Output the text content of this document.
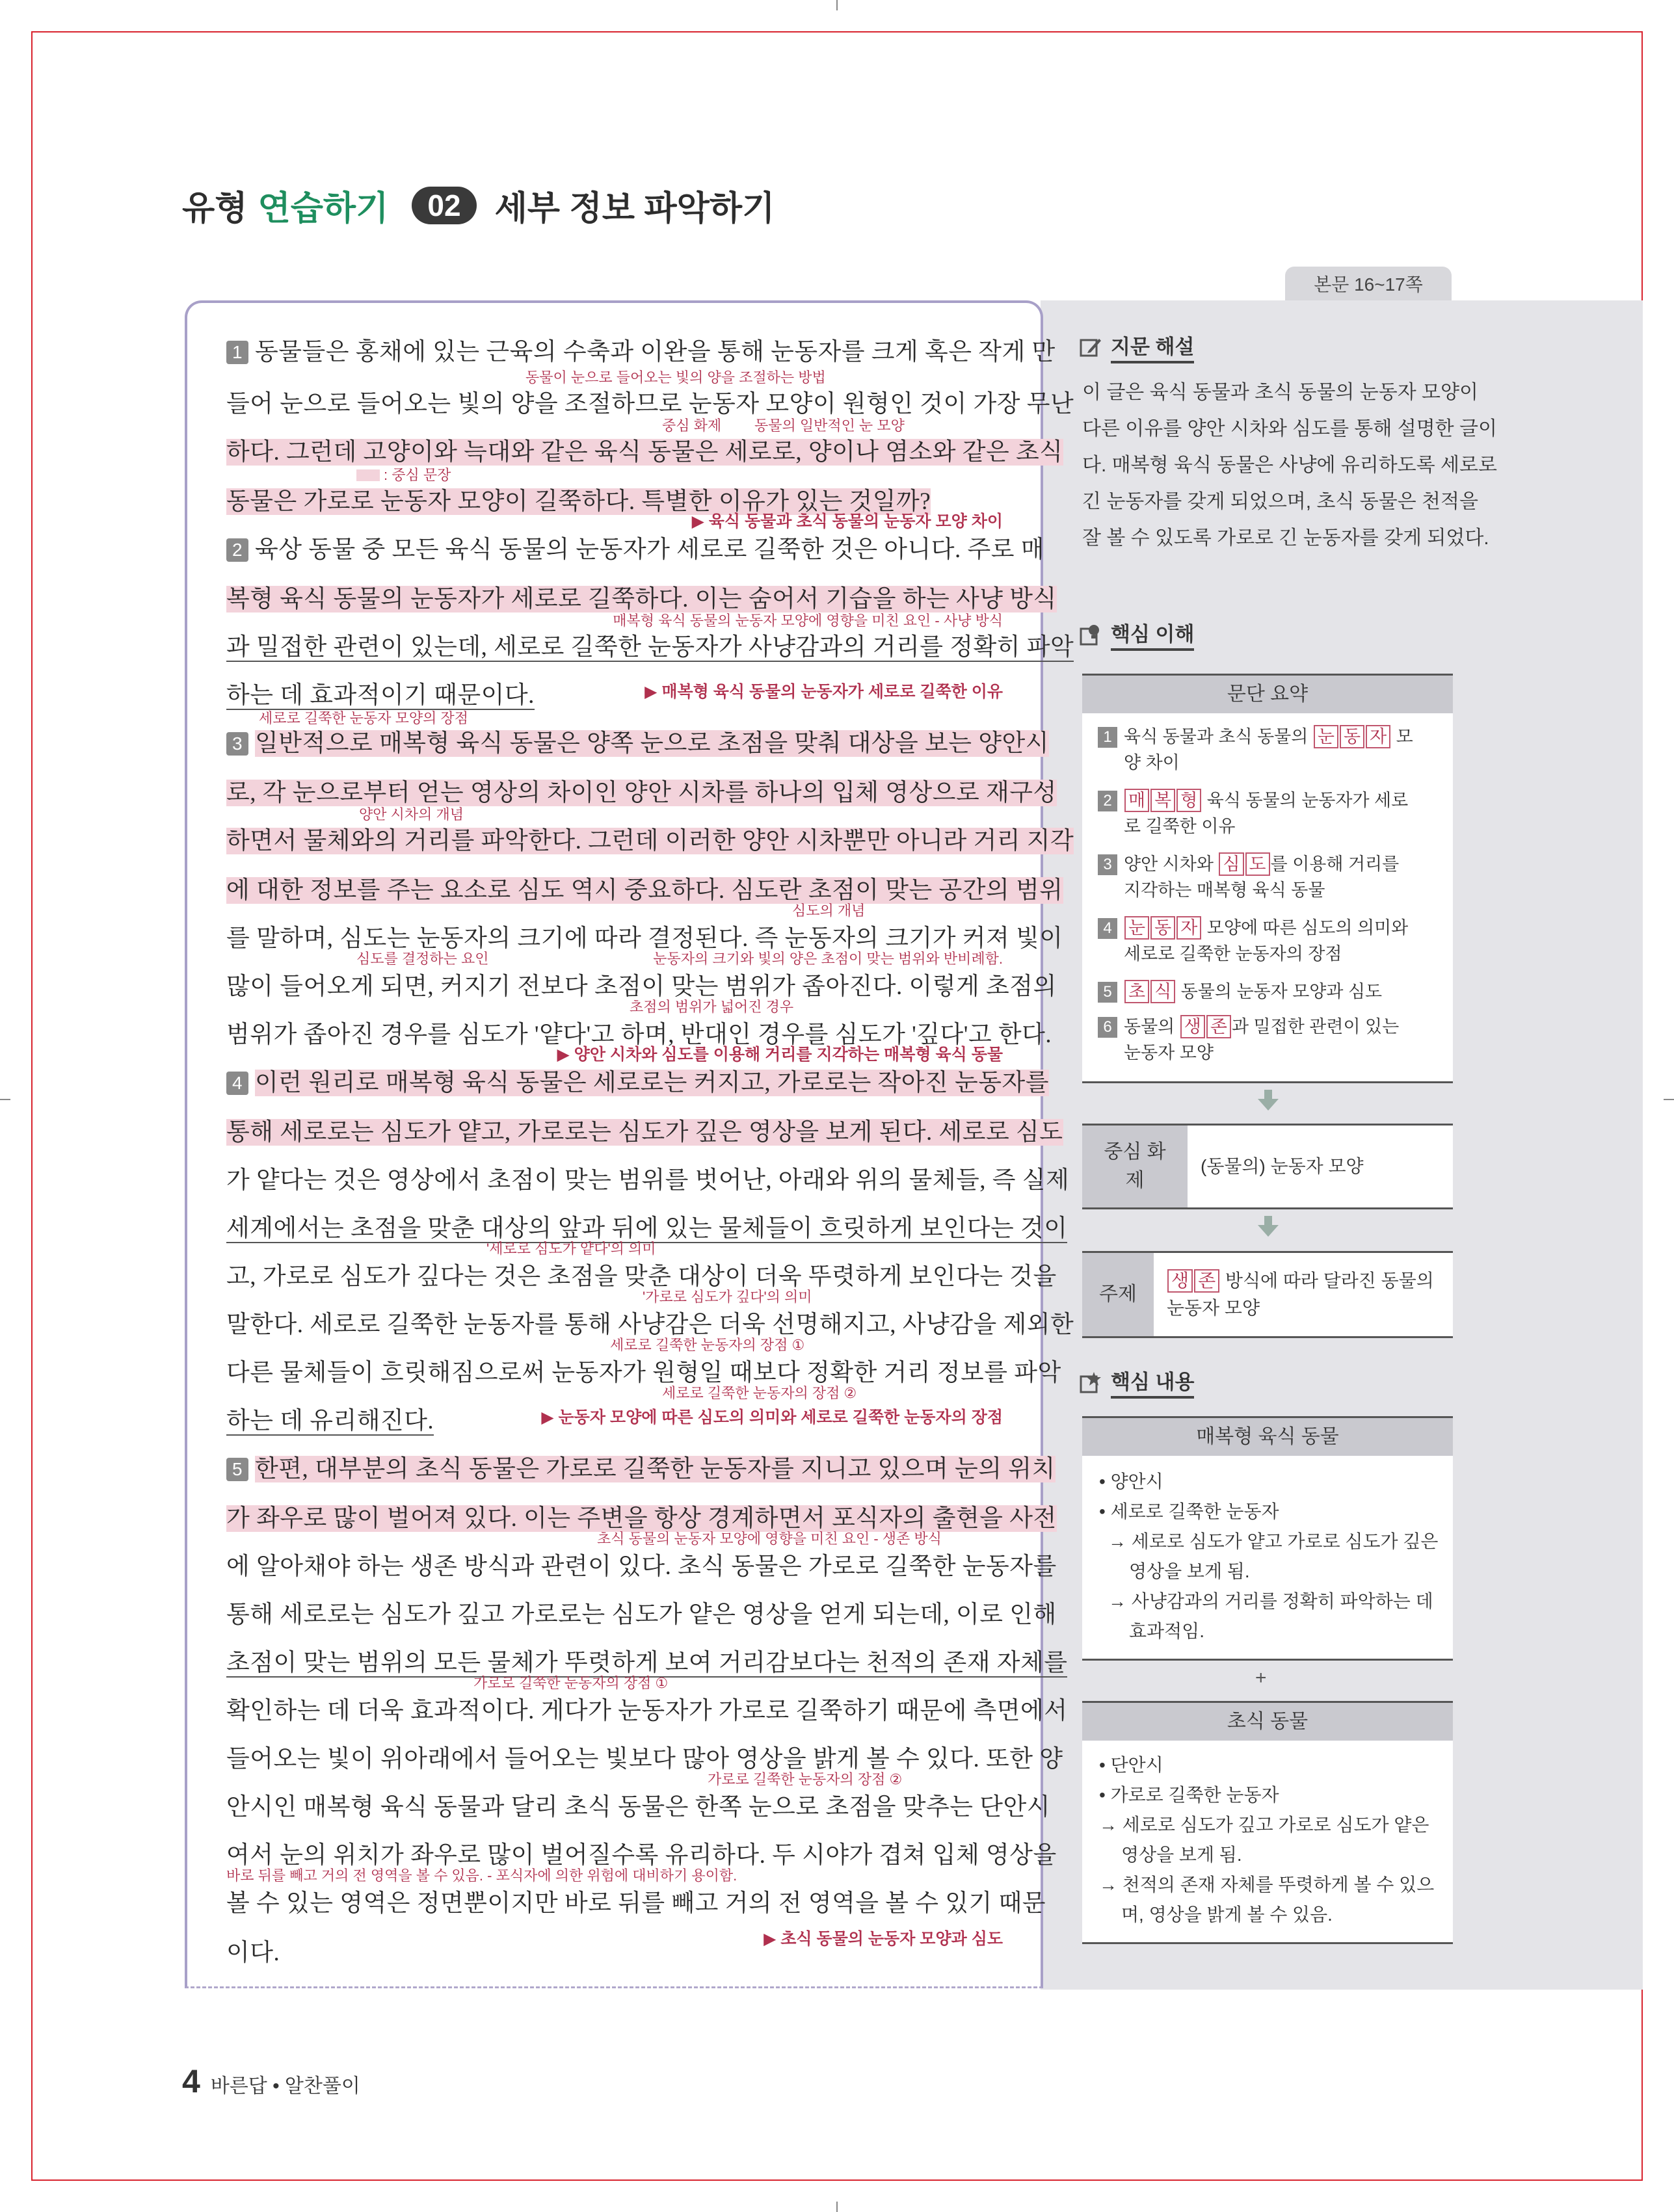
유형 연습하기	02	세부 정보 파악하기
본문 16~17쪽
1 동물들은 홍채에 있는 근육의 수축과 이완을 통해 눈동자를 크게 혹은 작게 만
동물이 눈으로 들어오는 빛의 양을 조절하는 방법
들어 눈으로 들어오는 빛의 양을 조절하므로 눈동자 모양이 원형인 것이 가장 무난
중심 화제 동물의 일반적인 눈 모양
하다. 그런데 고양이와 늑대와 같은 육식 동물은 세로로, 양이나 염소와 같은 초식
: 중심 문장
동물은 가로로 눈동자 모양이 길쭉하다. 특별한 이유가 있는 것일까?
▶ 육식 동물과 초식 동물의 눈동자 모양 차이
2 육상 동물 중 모든 육식 동물의 눈동자가 세로로 길쭉한 것은 아니다. 주로 매
복형 육식 동물의 눈동자가 세로로 길쭉하다. 이는 숨어서 기습을 하는 사냥 방식
매복형 육식 동물의 눈동자 모양에 영향을 미친 요인 - 사냥 방식
과 밀접한 관련이 있는데, 세로로 길쭉한 눈동자가 사냥감과의 거리를 정확히 파악
하는 데 효과적이기 때문이다.	▶ 매복형 육식 동물의 눈동자가 세로로 길쭉한 이유
세로로 길쭉한 눈동자 모양의 장점
3 일반적으로 매복형 육식 동물은 양쪽 눈으로 초점을 맞춰 대상을 보는 양안시
로, 각 눈으로부터 얻는 영상의 차이인 양안 시차를 하나의 입체 영상으로 재구성
양안 시차의 개념
하면서 물체와의 거리를 파악한다. 그런데 이러한 양안 시차뿐만 아니라 거리 지각
에 대한 정보를 주는 요소로 심도 역시 중요하다. 심도란 초점이 맞는 공간의 범위
심도의 개념
를 말하며, 심도는 눈동자의 크기에 따라 결정된다. 즉 눈동자의 크기가 커져 빛이
심도를 결정하는 요인	눈동자의 크기와 빛의 양은 초점이 맞는 범위와 반비례함.
많이 들어오게 되면, 커지기 전보다 초점이 맞는 범위가 좁아진다. 이렇게 초점의
초점의 범위가 넓어진 경우
범위가 좁아진 경우를 심도가 '얕다'고 하며, 반대인 경우를 심도가 '깊다'고 한다.
▶ 양안 시차와 심도를 이용해 거리를 지각하는 매복형 육식 동물
4 이런 원리로 매복형 육식 동물은 세로로는 커지고, 가로로는 작아진 눈동자를
통해 세로로는 심도가 얕고, 가로로는 심도가 깊은 영상을 보게 된다. 세로로 심도
가 얕다는 것은 영상에서 초점이 맞는 범위를 벗어난, 아래와 위의 물체들, 즉 실제
세계에서는 초점을 맞춘 대상의 앞과 뒤에 있는 물체들이 흐릿하게 보인다는 것이
'세로로 심도가 얕다'의 의미
고, 가로로 심도가 깊다는 것은 초점을 맞춘 대상이 더욱 뚜렷하게 보인다는 것을
'가로로 심도가 깊다'의 의미
말한다. 세로로 길쭉한 눈동자를 통해 사냥감은 더욱 선명해지고, 사냥감을 제외한
세로로 길쭉한 눈동자의 장점 ①
다른 물체들이 흐릿해짐으로써 눈동자가 원형일 때보다 정확한 거리 정보를 파악
세로로 길쭉한 눈동자의 장점 ②
하는 데 유리해진다.	▶ 눈동자 모양에 따른 심도의 의미와 세로로 길쭉한 눈동자의 장점
5 한편, 대부분의 초식 동물은 가로로 길쭉한 눈동자를 지니고 있으며 눈의 위치
가 좌우로 많이 벌어져 있다. 이는 주변을 항상 경계하면서 포식자의 출현을 사전
초식 동물의 눈동자 모양에 영향을 미친 요인 - 생존 방식
에 알아채야 하는 생존 방식과 관련이 있다. 초식 동물은 가로로 길쭉한 눈동자를
통해 세로로는 심도가 깊고 가로로는 심도가 얕은 영상을 얻게 되는데, 이로 인해
초점이 맞는 범위의 모든 물체가 뚜렷하게 보여 거리감보다는 천적의 존재 자체를
가로로 길쭉한 눈동자의 장점 ①
확인하는 데 더욱 효과적이다. 게다가 눈동자가 가로로 길쭉하기 때문에 측면에서
들어오는 빛이 위아래에서 들어오는 빛보다 많아 영상을 밝게 볼 수 있다. 또한 양
가로로 길쭉한 눈동자의 장점 ②
안시인 매복형 육식 동물과 달리 초식 동물은 한쪽 눈으로 초점을 맞추는 단안시
여서 눈의 위치가 좌우로 많이 벌어질수록 유리하다. 두 시야가 겹쳐 입체 영상을
바로 뒤를 빼고 거의 전 영역을 볼 수 있음. - 포식자에 의한 위험에 대비하기 용이함.
볼 수 있는 영역은 정면뿐이지만 바로 뒤를 빼고 거의 전 영역을 볼 수 있기 때문
이다.
▶ 초식 동물의 눈동자 모양과 심도
지문 해설
이 글은 육식 동물과 초식 동물의 눈동자 모양이 다른 이유를 양안 시차와 심도를 통해 설명한 글이다. 매복형 육식 동물은 사냥에 유리하도록 세로로 긴 눈동자를 갖게 되었으며, 초식 동물은 천적을 잘 볼 수 있도록 가로로 긴 눈동자를 갖게 되었다.
핵심 이해
문단 요약
1 육식 동물과 초식 동물의 눈 동 자 모
양 차이
2 매 복 형 육식 동물의 눈동자가 세로
로 길쭉한 이유
3 양안 시차와 심 도 를 이용해 거리를
지각하는 매복형 육식 동물
4 눈 동 자 모양에 따른 심도의 의미와
세로로 길쭉한 눈동자의 장점
5 초 식 동물의 눈동자 모양과 심도
6 동물의 생 존 과 밀접한 관련이 있는
눈동자 모양
중심 화제
(동물의) 눈동자 모양
주제
생 존 방식에 따라 달라진 동물의
눈동자 모양
핵심 내용
매복형 육식 동물
• 양안시
• 세로로 길쭉한 눈동자
→ 세로로 심도가 얕고 가로로 심도가 깊은
영상을 보게 됨.
→ 사냥감과의 거리를 정확히 파악하는 데
효과적임.
+
초식 동물
• 단안시
• 가로로 길쭉한 눈동자
→ 세로로 심도가 깊고 가로로 심도가 얕은
영상을 보게 됨.
→ 천적의 존재 자체를 뚜렷하게 볼 수 있으
며, 영상을 밝게 볼 수 있음.
4 바른답 • 알찬풀이
